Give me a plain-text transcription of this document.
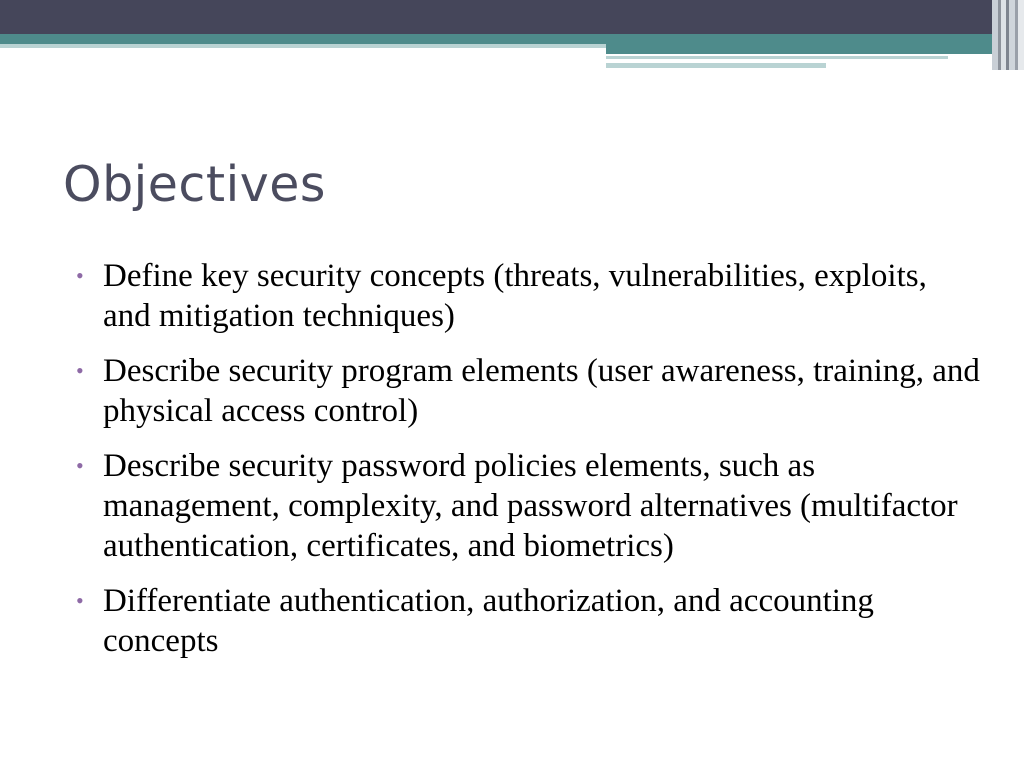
Objectives
• Define key security concepts (threats, vulnerabilities, exploits, and mitigation techniques)
• Describe security program elements (user awareness, training, and physical access control)
• Describe security password policies elements, such as management, complexity, and password alternatives (multifactor authentication, certificates, and biometrics)
• Differentiate authentication, authorization, and accounting concepts
